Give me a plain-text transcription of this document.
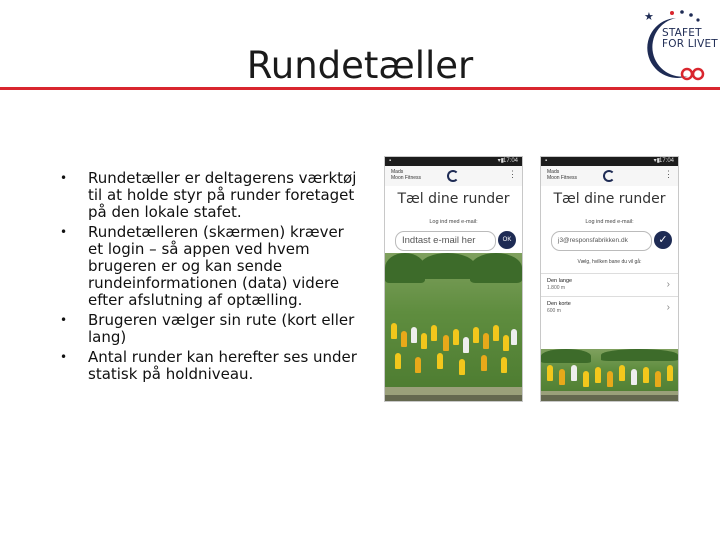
Rundetæller
★
STAFET
FOR LIVET
• Rundetæller er deltagerens værktøj til at holde styr på runder foretaget på den lokale stafet.
• Rundetælleren (skærmen) kræver et login – så appen ved hvem brugeren er og kan sende rundeinformationen (data) videre efter afslutning af optælling.
• Brugeren vælger sin rute (kort eller lang)
• Antal runder kan herefter ses under statisk på holdniveau.
▪	▾▮
17:04
Mads
Moon Fitness	⋮
Tæl dine runder
Log ind med e-mail:
Indtast e-mail her	OK
▪	▾▮
17:04
Mads
Moon Fitness	⋮
Tæl dine runder
Log ind med e-mail:
j3@responsfabrikken.dk	✓
Vælg, hvilken bane du vil gå:
Den lange
1.800 m	›
Den korte
600 m	›
